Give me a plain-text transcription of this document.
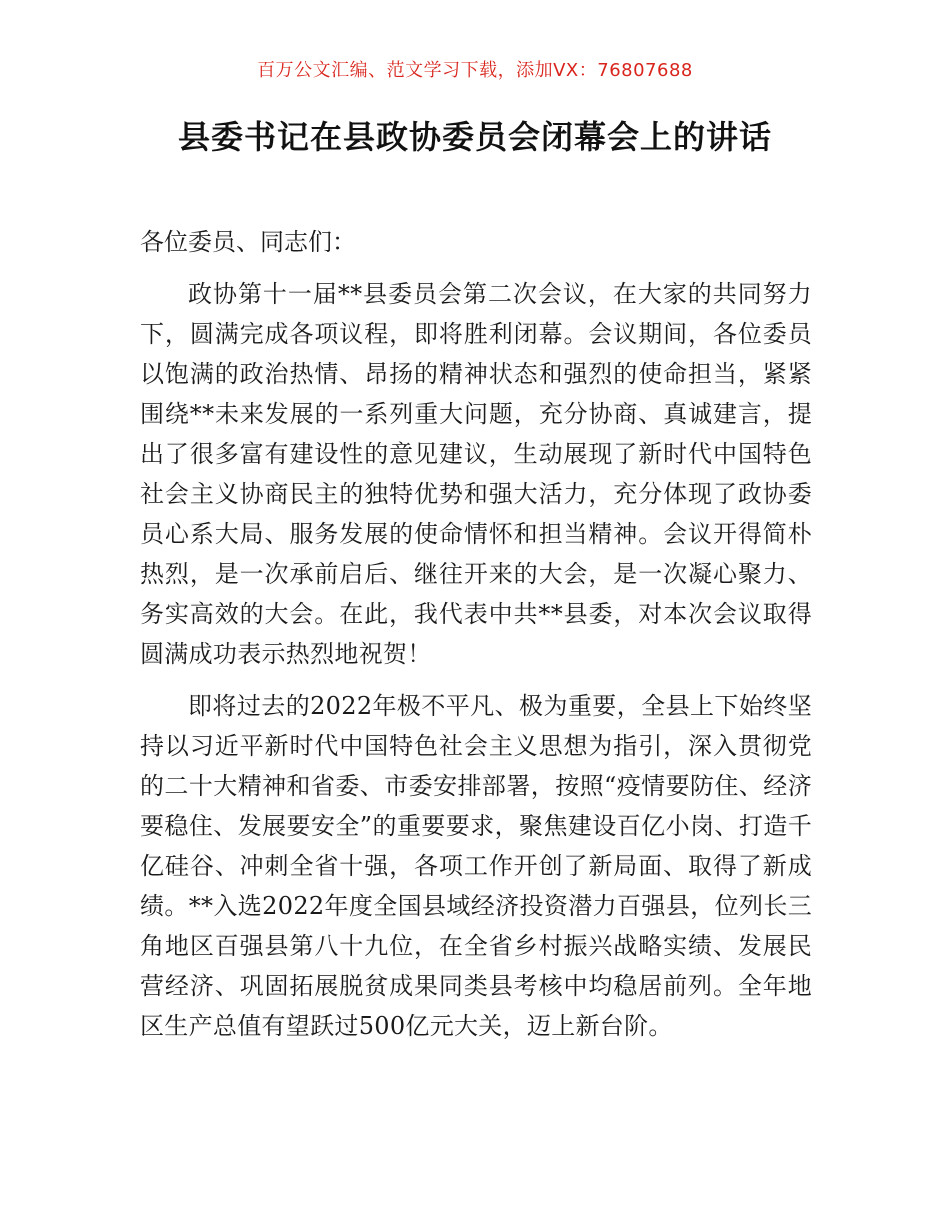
百万公文汇编、范文学习下载，添加VX：76807688
县委书记在县政协委员会闭幕会上的讲话

各位委员、同志们：

政协第十一届**县委员会第二次会议，在大家的共同努力下，圆满完成各项议程，即将胜利闭幕。会议期间，各位委员以饱满的政治热情、昂扬的精神状态和强烈的使命担当，紧紧围绕**未来发展的一系列重大问题，充分协商、真诚建言，提出了很多富有建设性的意见建议，生动展现了新时代中国特色社会主义协商民主的独特优势和强大活力，充分体现了政协委员心系大局、服务发展的使命情怀和担当精神。会议开得简朴热烈，是一次承前启后、继往开来的大会，是一次凝心聚力、务实高效的大会。在此，我代表中共**县委，对本次会议取得圆满成功表示热烈地祝贺！

即将过去的2022年极不平凡、极为重要，全县上下始终坚持以习近平新时代中国特色社会主义思想为指引，深入贯彻党的二十大精神和省委、市委安排部署，按照“疫情要防住、经济要稳住、发展要安全”的重要要求，聚焦建设百亿小岗、打造千亿硅谷、冲刺全省十强，各项工作开创了新局面、取得了新成绩。**入选2022年度全国县域经济投资潜力百强县，位列长三角地区百强县第八十九位，在全省乡村振兴战略实绩、发展民营经济、巩固拓展脱贫成果同类县考核中均稳居前列。全年地区生产总值有望跃过500亿元大关，迈上新台阶。
